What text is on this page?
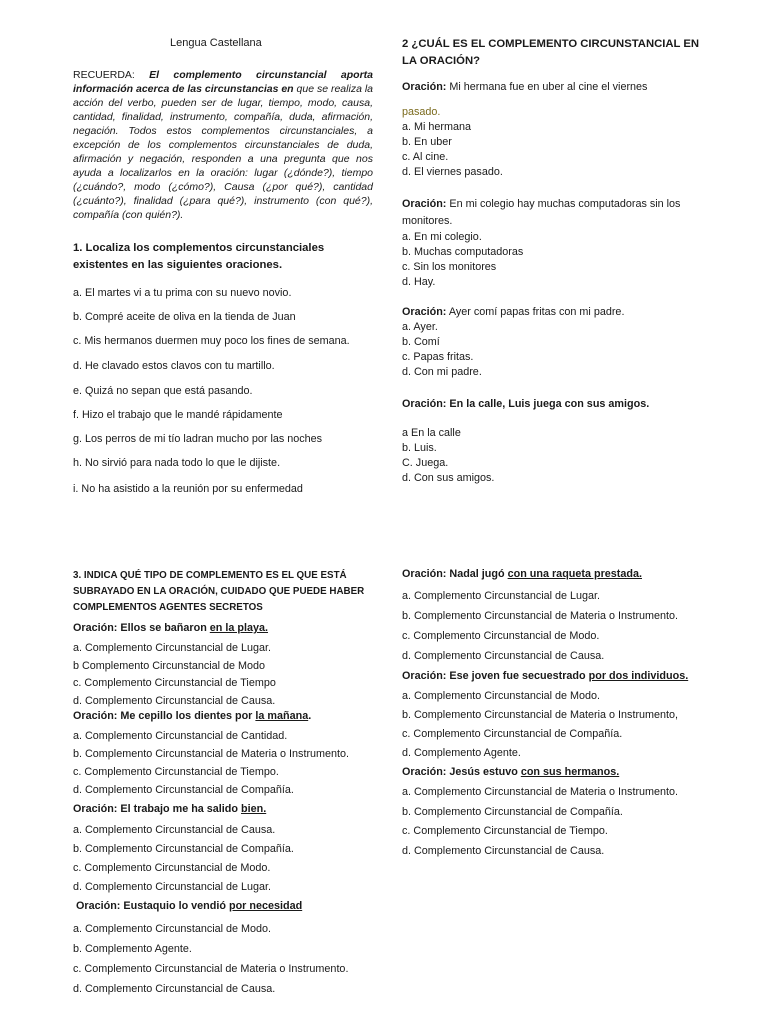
Lengua Castellana
RECUERDA: El complemento circunstancial aporta información acerca de las circunstancias en que se realiza la acción del verbo, pueden ser de lugar, tiempo, modo, causa, cantidad, finalidad, instrumento, compañía, duda, afirmación, negación. Todos estos complementos circunstanciales, a excepción de los complementos circunstanciales de duda, afirmación y negación, responden a una pregunta que nos ayuda a localizarlos en la oración: lugar (¿dónde?), tiempo (¿cuándo?, modo (¿cómo?), Causa (¿por qué?), cantidad (¿cuánto?), finalidad (¿para qué?), instrumento (con qué?), compañía (con quién?).
1. Localiza los complementos circunstanciales existentes en las siguientes oraciones.

a. El martes vi a tu prima con su nuevo novio.

b. Compré aceite de oliva en la tienda de Juan

c. Mis hermanos duermen muy poco los fines de semana.

d. He clavado estos clavos con tu martillo.

e. Quizá no sepan que está pasando.

f. Hizo el trabajo que le mandé rápidamente

g. Los perros de mi tío ladran mucho por las noches

h. No sirvió para nada todo lo que le dijiste.

i. No ha asistido a la reunión por su enfermedad

2 ¿CUÁL ES EL COMPLEMENTO CIRCUNSTANCIAL EN LA ORACIÓN?

Oración: Mi hermana fue en uber al cine el viernes

pasado.

a. Mi hermana

b. En uber

c. Al cine.

d. El viernes pasado.

Oración: En mi colegio hay muchas computadoras sin los monitores.

a. En mi colegio.

b. Muchas computadoras

c. Sin los monitores

d. Hay.

Oración: Ayer comí papas fritas con mi padre.

a. Ayer.

b. Comí

c. Papas fritas.

d. Con mi padre.

Oración: En la calle, Luis juega con sus amigos.

a En la calle

b. Luis.

C. Juega.

d. Con sus amigos.

3. INDICA QUÉ TIPO DE COMPLEMENTO ES EL QUE ESTÁ SUBRAYADO EN LA ORACIÓN, CUIDADO QUE PUEDE HABER COMPLEMENTOS AGENTES SECRETOS

Oración: Ellos se bañaron en la playa.

a. Complemento Circunstancial de Lugar.

b Complemento Circunstancial de Modo

c. Complemento Circunstancial de Tiempo

d. Complemento Circunstancial de Causa.

Oración: Me cepillo los dientes por la mañana.

a. Complemento Circunstancial de Cantidad.

b. Complemento Circunstancial de Materia o Instrumento.

c. Complemento Circunstancial de Tiempo.

d. Complemento Circunstancial de Compañía.

Oración: El trabajo me ha salido bien.

a. Complemento Circunstancial de Causa.

b. Complemento Circunstancial de Compañía.

c. Complemento Circunstancial de Modo.

d. Complemento Circunstancial de Lugar.

Oración: Eustaquio lo vendió por necesidad

a. Complemento Circunstancial de Modo.

b. Complemento Agente.

c. Complemento Circunstancial de Materia o Instrumento.

d. Complemento Circunstancial de Causa.

Oración: Nadal jugó con una raqueta prestada.

a. Complemento Circunstancial de Lugar.

b. Complemento Circunstancial de Materia o Instrumento.

c. Complemento Circunstancial de Modo.

d. Complemento Circunstancial de Causa.

Oración: Ese joven fue secuestrado por dos individuos.

a. Complemento Circunstancial de Modo.

b. Complemento Circunstancial de Materia o Instrumento,

c. Complemento Circunstancial de Compañía.

d. Complemento Agente.

Oración: Jesús estuvo con sus hermanos.

a. Complemento Circunstancial de Materia o Instrumento.

b. Complemento Circunstancial de Compañía.

c. Complemento Circunstancial de Tiempo.

d. Complemento Circunstancial de Causa.
